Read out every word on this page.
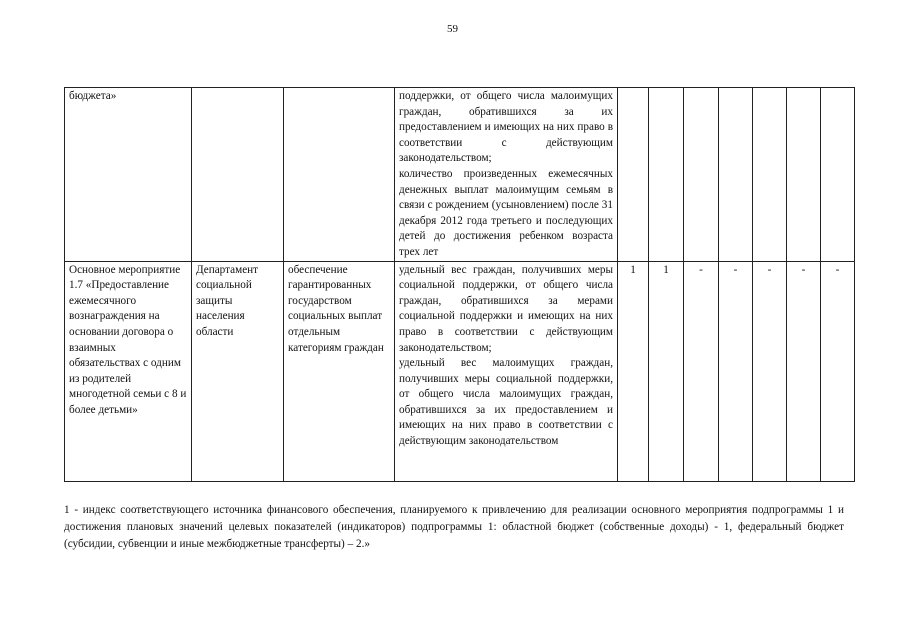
59
бюджета»			поддержки, от общего числа малоимущих граждан, обратившихся за их предоставлением и имеющих на них право в соответствии с действующим законодательством;
количество произведенных ежемесячных денежных выплат малоимущим семьям в связи с рождением (усыновлением) после 31 декабря 2012 года третьего и последующих детей до достижения ребенком возраста трех лет							
Основное мероприятие 1.7 «Предоставление ежемесячного вознаграждения на основании договора о взаимных обязательствах с одним из родителей многодетной семьи с 8 и более детьми»	Департамент социальной защиты населения области	обеспечение гарантированных государством социальных выплат отдельным категориям граждан	удельный вес граждан, получивших меры социальной поддержки, от общего числа граждан, обратившихся за мерами социальной поддержки и имеющих на них право в соответствии с действующим законодательством;
удельный вес малоимущих граждан, получивших меры социальной поддержки, от общего числа малоимущих граждан, обратившихся за их предоставлением и имеющих на них право в соответствии с действующим законодательством	1	1	-	-	-	-	-
1 - индекс соответствующего источника финансового обеспечения, планируемого к привлечению для реализации основного мероприятия подпрограммы 1 и достижения плановых значений целевых показателей (индикаторов) подпрограммы 1: областной бюджет (собственные доходы) - 1, федеральный бюджет (субсидии, субвенции и иные межбюджетные трансферты) – 2.»
